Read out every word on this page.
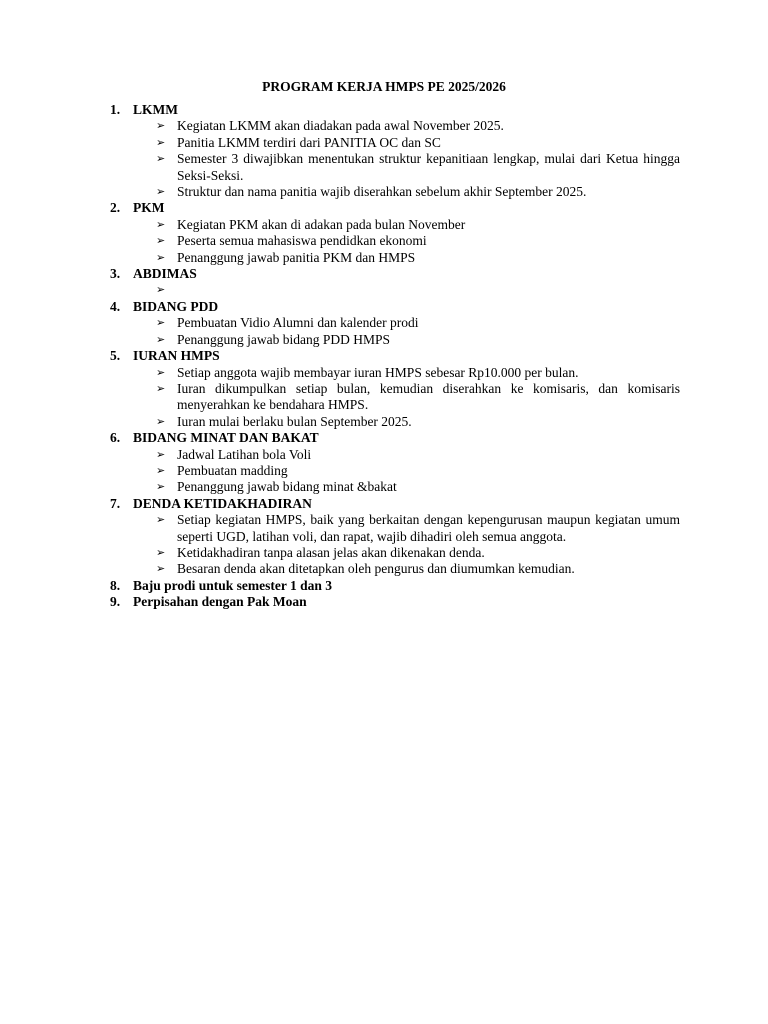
PROGRAM KERJA HMPS PE 2025/2026
1. LKMM
➢ Kegiatan LKMM akan diadakan pada awal November 2025.
➢ Panitia LKMM terdiri dari PANITIA OC dan SC
➢ Semester 3 diwajibkan menentukan struktur kepanitiaan lengkap, mulai dari Ketua hingga Seksi-Seksi.
➢ Struktur dan nama panitia wajib diserahkan sebelum akhir September 2025.
2. PKM
➢ Kegiatan PKM akan di adakan pada bulan November
➢ Peserta semua mahasiswa pendidkan ekonomi
➢ Penanggung jawab panitia PKM dan HMPS
3. ABDIMAS
➢
4. BIDANG PDD
➢ Pembuatan Vidio Alumni dan kalender prodi
➢ Penanggung jawab bidang PDD HMPS
5. IURAN HMPS
➢ Setiap anggota wajib membayar iuran HMPS sebesar Rp10.000 per bulan.
➢ Iuran dikumpulkan setiap bulan, kemudian diserahkan ke komisaris, dan komisaris menyerahkan ke bendahara HMPS.
➢ Iuran mulai berlaku bulan September 2025.
6. BIDANG MINAT DAN BAKAT
➢ Jadwal Latihan bola Voli
➢ Pembuatan madding
➢ Penanggung jawab bidang minat &bakat
7. DENDA KETIDAKHADIRAN
➢ Setiap kegiatan HMPS, baik yang berkaitan dengan kepengurusan maupun kegiatan umum seperti UGD, latihan voli, dan rapat, wajib dihadiri oleh semua anggota.
➢ Ketidakhadiran tanpa alasan jelas akan dikenakan denda.
➢ Besaran denda akan ditetapkan oleh pengurus dan diumumkan kemudian.
8. Baju prodi untuk semester 1 dan 3
9. Perpisahan dengan Pak Moan
